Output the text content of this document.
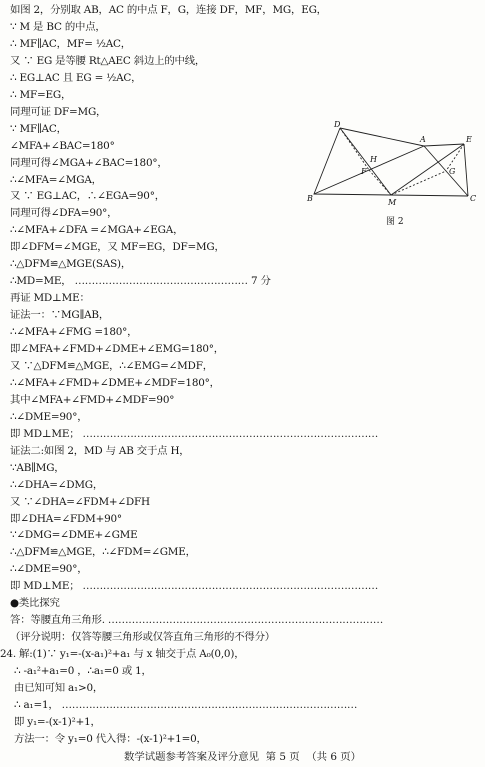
如图 2，分别取 AB，AC 的中点 F，G，连接 DF，MF，MG，EG，
∵ M 是 BC 的中点，
∴ MF∥AC，MF= ½AC，
又 ∵ EG 是等腰 Rt△AEC 斜边上的中线，
∴ EG⊥AC 且 EG = ½AC，
∴ MF=EG，
同理可证 DF=MG，
∵ MF∥AC，
∠MFA+∠BAC=180°
同理可得∠MGA+∠BAC=180°，
∴∠MFA=∠MGA，
又 ∵ EG⊥AC，∴∠EGA=90°，
同理可得∠DFA=90°，
∴∠MFA+∠DFA =∠MGA+∠EGA，
即∠DFM=∠MGE，又 MF=EG，DF=MG，
∴△DFM≌△MGE(SAS)，
∴MD=ME， …………………………………………… 7 分
再证 MD⊥ME：
证法一：∵MG∥AB，
∴∠MFA+∠FMG =180°，
即∠MFA+∠FMD+∠DME+∠EMG=180°，
又 ∵△DFM≌△MGE，∴∠EMG=∠MDF，
∴∠MFA+∠FMD+∠DME+∠MDF=180°，
其中∠MFA+∠FMD+∠MDF=90°
∴∠DME=90°，
即 MD⊥ME； ……………………………………………………………………………
证法二:如图 2，MD 与 AB 交于点 H，
∵AB∥MG，
∴∠DHA=∠DMG，
又 ∵∠DHA=∠FDM+∠DFH
即∠DHA=∠FDM+90°
∵∠DMG=∠DME+∠GME
∴△DFM≌△MGE，∴∠FDM=∠GME，
∴∠DME=90°，
即 MD⊥ME； ……………………………………………………………………………
●类比探究
答：等腰直角三角形. ………………………………………………………………………
（评分说明：仅答等腰三角形或仅答直角三角形的不得分）
24. 解:(1)∵ y₁=-(x-a₁)²+a₁ 与 x 轴交于点 A₀(0,0)，
∴ -a₁²+a₁=0 ，∴a₁=0 或 1，
由已知可知 a₁>0，
∴ a₁=1， ……………………………………………………………………………
即 y₁=-(x-1)²+1，
方法一：令 y₁=0 代入得：-(x-1)²+1=0，
D
A	E
H
F	G
B	M	C
图 2
数学试题参考答案及评分意见  第 5 页  （共 6 页）
